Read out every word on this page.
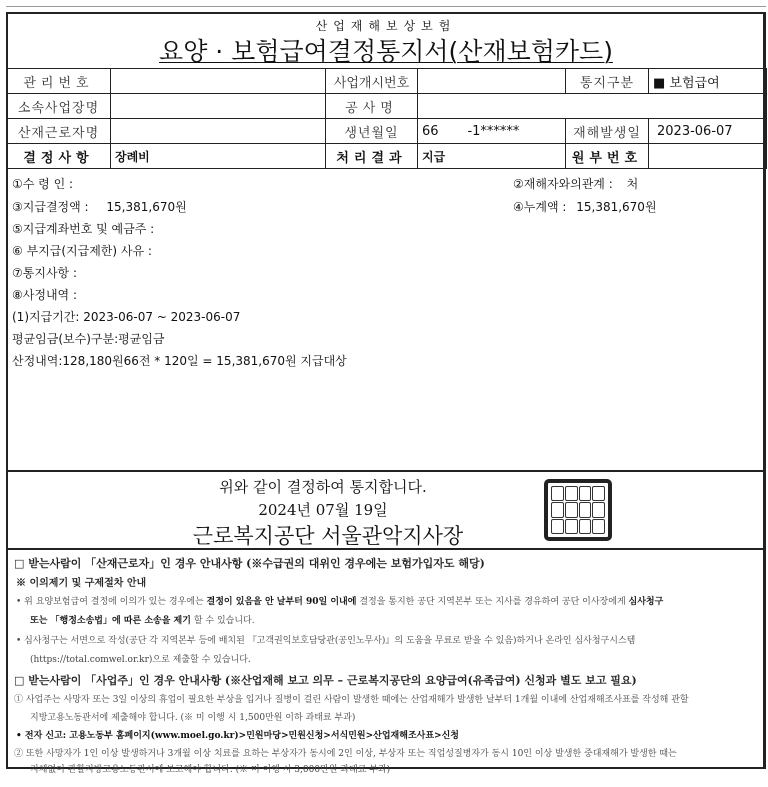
산업재해보상보험
요양 · 보험급여결정통지서(산재보험카드)
관리번호		사업개시번호		통지구분	■ 보험급여
소속사업장명		공사명			
산재근로자명		생년월일	66       -1******	재해발생일	2023-06-07
결정사항	장례비	처리결과	지급	원부번호	
①수 령 인 :	②재해자와의관계 : 처
③지급결정액 : 15,381,670원	④누계액 : 15,381,670원
⑤지급계좌번호 및 예금주 :
⑥ 부지급(지급제한) 사유 :
⑦통지사항 :
⑧사정내역 :
(1)지급기간: 2023-06-07 ~ 2023-06-07
평균임금(보수)구분:평균임금
산정내역:128,180원66전 * 120일 = 15,381,670원 지급대상
위와 같이 결정하여 통지합니다.
2024년 07월 19일
근로복지공단 서울관악지사장
□ 받는사람이 「산재근로자」인 경우 안내사항 (※수급권의 대위인 경우에는 보험가입자도 해당)
※ 이의제기 및 구제절차 안내
• 위 요양보험급여 결정에 이의가 있는 경우에는 결정이 있음을 안 날부터 90일 이내에 결정을 통지한 공단 지역본부 또는 지사를 경유하여 공단 이사장에게 심사청구
또는 「행정소송법」에 따른 소송을 제기 할 수 있습니다.
• 심사청구는 서면으로 작성(공단 각 지역본부 등에 배치된 『고객권익보호담당관(공인노무사)』의 도움을 무료로 받을 수 있음)하거나 온라인 심사청구시스템
(https://total.comwel.or.kr)으로 제출할 수 있습니다.
□ 받는사람이 「사업주」인 경우 안내사항 (※산업재해 보고 의무 – 근로복지공단의 요양급여(유족급여) 신청과 별도 보고 필요)
① 사업주는 사망자 또는 3일 이상의 휴업이 필요한 부상을 입거나 질병이 걸린 사람이 발생한 때에는 산업재해가 발생한 날부터 1개월 이내에 산업재해조사표를 작성해 관할
지방고용노동관서에 제출해야 합니다. (※ 미 이행 시 1,500만원 이하 과태료 부과)
• 전자 신고: 고용노동부 홈페이지(www.moel.go.kr)>민원마당>민원신청>서식민원>산업재해조사표>신청
② 또한 사망자가 1인 이상 발생하거나 3개월 이상 치료를 요하는 부상자가 동시에 2인 이상, 부상자 또는 직업성질병자가 동시 10인 이상 발생한 중대재해가 발생한 때는
지체없이 관할지방고용노동관서에 보고해야 합니다. (※ 미 이행 시 3,000만원 과태료 부과)
